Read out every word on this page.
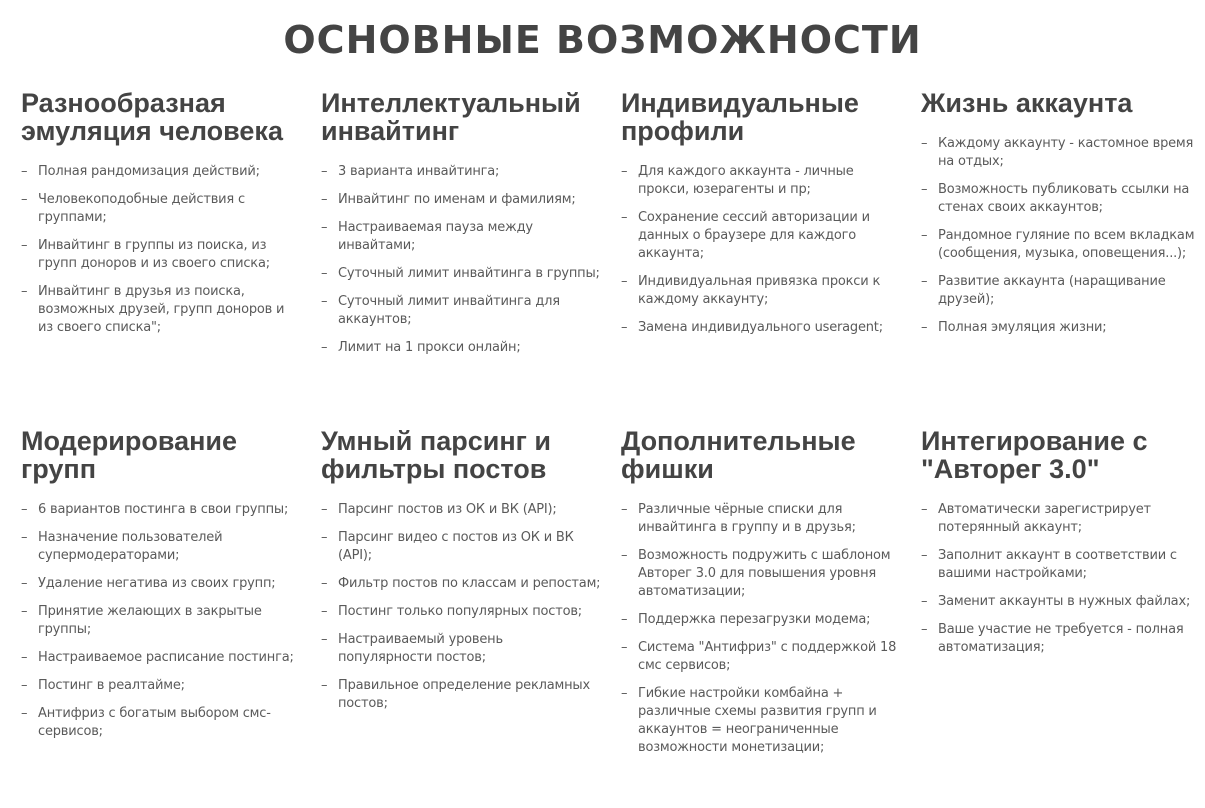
ОСНОВНЫЕ ВОЗМОЖНОСТИ
Разнообразная эмуляция человека
– Полная рандомизация действий;
– Человекоподобные действия с группами;
– Инвайтинг в группы из поиска, из групп доноров и из своего списка;
– Инвайтинг в друзья из поиска, возможных друзей, групп доноров и из своего списка";
Интеллектуальный инвайтинг
– 3 варианта инвайтинга;
– Инвайтинг по именам и фамилиям;
– Настраиваемая пауза между инвайтами;
– Суточный лимит инвайтинга в группы;
– Суточный лимит инвайтинга для аккаунтов;
– Лимит на 1 прокси онлайн;
Индивидуальные профили
– Для каждого аккаунта - личные прокси, юзерагенты и пр;
– Сохранение сессий авторизации и данных о браузере для каждого аккаунта;
– Индивидуальная привязка прокси к каждому аккаунту;
– Замена индивидуального useragent;
Жизнь аккаунта
– Каждому аккаунту - кастомное время на отдых;
– Возможность публиковать ссылки на стенах своих аккаунтов;
– Рандомное гуляние по всем вкладкам (сообщения, музыка, оповещения...);
– Развитие аккаунта (наращивание друзей);
– Полная эмуляция жизни;
Модерирование групп
– 6 вариантов постинга в свои группы;
– Назначение пользователей супермодераторами;
– Удаление негатива из своих групп;
– Принятие желающих в закрытые группы;
– Настраиваемое расписание постинга;
– Постинг в реалтайме;
– Антифриз с богатым выбором смс-сервисов;
Умный парсинг и фильтры постов
– Парсинг постов из ОК и ВК (API);
– Парсинг видео с постов из ОК и ВК (API);
– Фильтр постов по классам и репостам;
– Постинг только популярных постов;
– Настраиваемый уровень популярности постов;
– Правильное определение рекламных постов;
Дополнительные фишки
– Различные чёрные списки для инвайтинга в группу и в друзья;
– Возможность подружить с шаблоном Авторег 3.0 для повышения уровня автоматизации;
– Поддержка перезагрузки модема;
– Система "Антифриз" с поддержкой 18 смс сервисов;
– Гибкие настройки комбайна + различные схемы развития групп и аккаунтов = неограниченные возможности монетизации;
Интегирование с "Авторег 3.0"
– Автоматически зарегистрирует потерянный аккаунт;
– Заполнит аккаунт в соответствии с вашими настройками;
– Заменит аккаунты в нужных файлах;
– Ваше участие не требуется - полная автоматизация;
